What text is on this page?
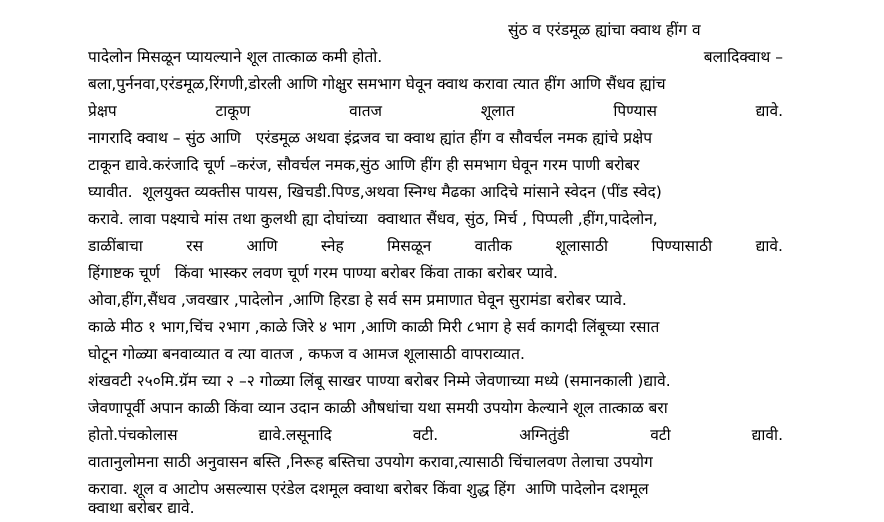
सुंठ व एरंडमूळ ह्यांचा क्वाथ हींग व
पादेलोन मिसळून प्यायल्याने शूल तात्काळ कमी होतो.	बलादिक्वाथ –
बला,पुर्ननवा,एरंडमूळ,रिंगणी,डोरली आणि गोक्षुर समभाग घेवून क्वाथ करावा त्यात हींग आणि सैंधव ह्यांच
प्रेक्षप	टाकूण	वातज	शूलात	पिण्यास	द्यावे.
नागरादि क्वाथ – सुंठ आणि   एरंडमूळ अथवा इंद्रजव चा क्वाथ ह्यांत हींग व सौवर्चल नमक ह्यांचे प्रक्षेप
टाकून द्यावे.करंजादि चूर्ण –करंज, सौवर्चल नमक,सुंठ आणि हींग ही समभाग घेवून गरम पाणी बरोबर
घ्यावीत.  शूलयुक्त व्यक्तीस पायस, खिचडी.पिण्ड,अथवा स्निग्ध मैढका आदिचे मांसाने स्वेदन (पींड स्वेद)
करावे. लावा पक्ष्याचे मांस तथा कुलथी ह्या दोघांच्या  क्वाथात सैंधव, सुंठ, मिर्च , पिप्पली ,हींग,पादेलोन,
डाळींबाचा	रस	आणि	स्नेह	मिसळून	वातीक	शूलासाठी	पिण्यासाठी	द्यावे.
हिंगाष्टक चूर्ण   किंवा भास्कर लवण चूर्ण गरम पाण्या बरोबर किंवा ताका बरोबर प्यावे.
ओवा,हींग,सैंधव ,जवखार ,पादेलोन ,आणि हिरडा हे सर्व सम प्रमाणात घेवून सुरामंडा बरोबर प्यावे.
काळे मीठ १ भाग,चिंच २भाग ,काळे जिरे ४ भाग ,आणि काळी मिरी ८भाग हे सर्व कागदी लिंबूच्या रसात
घोटून गोळ्या बनवाव्यात व त्या वातज , कफज व आमज शूलासाठी वापराव्यात.
शंखवटी २५०मि.ग्रॅम च्या २ –२ गोळ्या लिंबू साखर पाण्या बरोबर निम्मे जेवणाच्या मध्ये (समानकाली )द्यावे.
जेवणापूर्वी अपान काळी किंवा व्यान उदान काळी औषधांचा यथा समयी उपयोग केल्याने शूल तात्काळ बरा
होतो.पंचकोलास	द्यावे.लसूनादि	वटी.	अग्नितुंडी	वटी	द्यावी.
वातानुलोमना साठी अनुवासन बस्ति ,निरूह बस्तिचा उपयोग करावा,त्यासाठी चिंचालवण तेलाचा उपयोग
करावा. शूल व आटोप असल्यास एरंडेल दशमूल क्वाथा बरोबर किंवा शुद्ध हिंग  आणि पादेलोन दशमूल
क्वाथा बरोबर द्यावे.
